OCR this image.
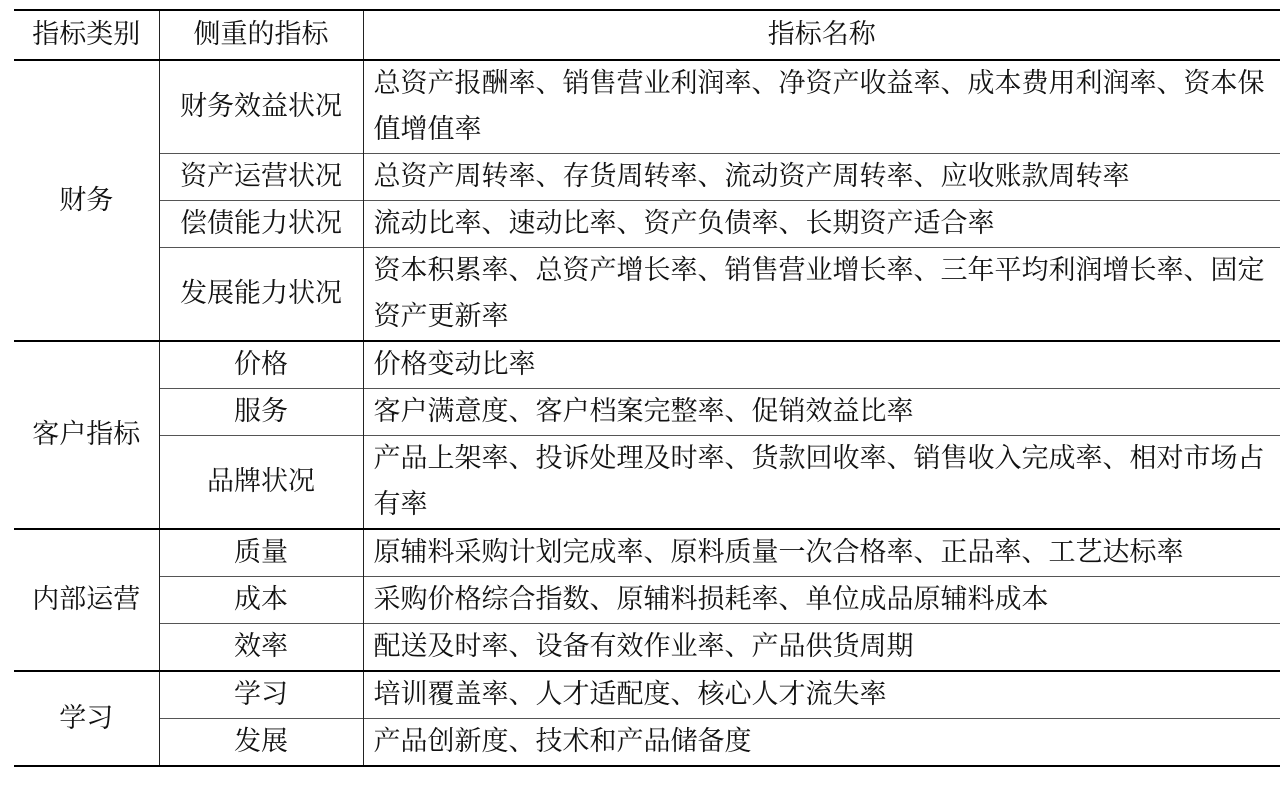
指标类别	侧重的指标	指标名称
财务	财务效益状况	总资产报酬率、销售营业利润率、净资产收益率、成本费用利润率、资本保值增值率
	资产运营状况	总资产周转率、存货周转率、流动资产周转率、应收账款周转率
	偿债能力状况	流动比率、速动比率、资产负债率、长期资产适合率
	发展能力状况	资本积累率、总资产增长率、销售营业增长率、三年平均利润增长率、固定资产更新率
客户指标	价格	价格变动比率
	服务	客户满意度、客户档案完整率、促销效益比率
	品牌状况	产品上架率、投诉处理及时率、货款回收率、销售收入完成率、相对市场占有率
内部运营	质量	原辅料采购计划完成率、原料质量一次合格率、正品率、工艺达标率
	成本	采购价格综合指数、原辅料损耗率、单位成品原辅料成本
	效率	配送及时率、设备有效作业率、产品供货周期
学习	学习	培训覆盖率、人才适配度、核心人才流失率
	发展	产品创新度、技术和产品储备度
